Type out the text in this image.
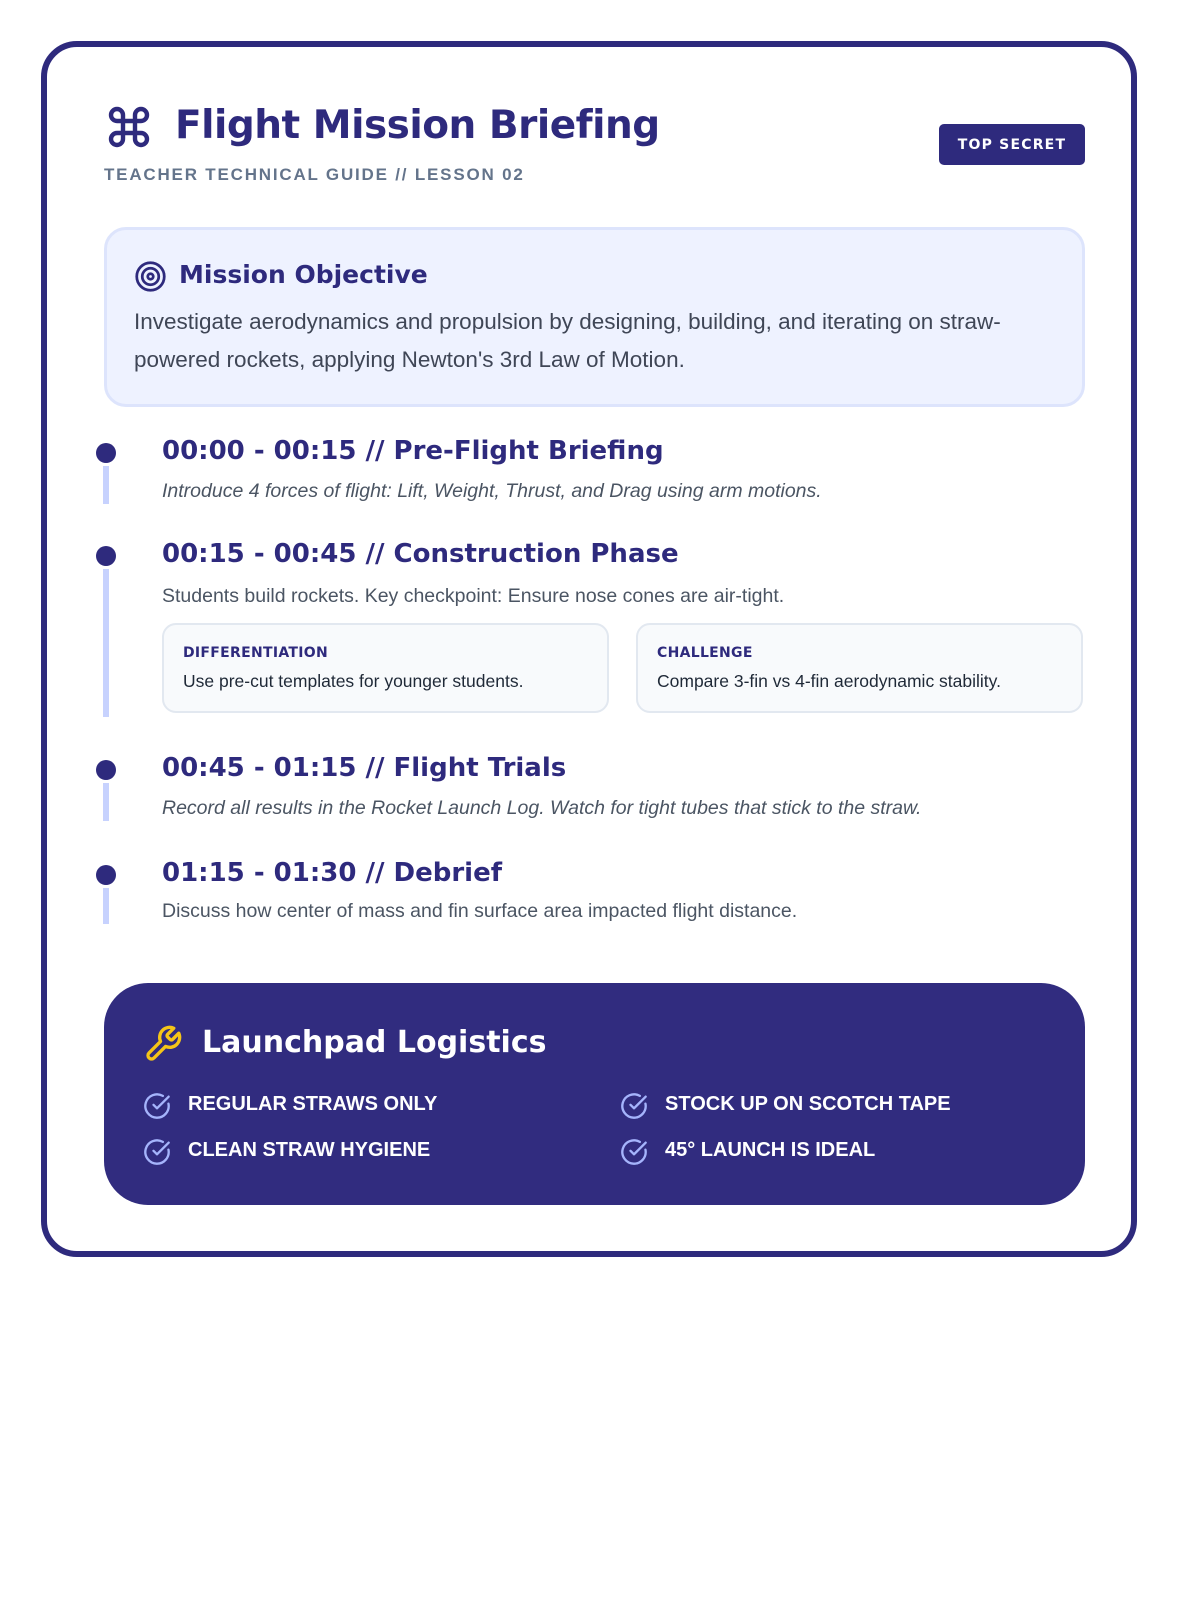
Flight Mission Briefing
TEACHER TECHNICAL GUIDE // LESSON 02
TOP SECRET
Mission Objective
Investigate aerodynamics and propulsion by designing, building, and iterating on straw-powered rockets, applying Newton's 3rd Law of Motion.
00:00 - 00:15 // Pre-Flight Briefing
Introduce 4 forces of flight: Lift, Weight, Thrust, and Drag using arm motions.
00:15 - 00:45 // Construction Phase
Students build rockets. Key checkpoint: Ensure nose cones are air-tight.
DIFFERENTIATION
Use pre-cut templates for younger students.
CHALLENGE
Compare 3-fin vs 4-fin aerodynamic stability.
00:45 - 01:15 // Flight Trials
Record all results in the Rocket Launch Log. Watch for tight tubes that stick to the straw.
01:15 - 01:30 // Debrief
Discuss how center of mass and fin surface area impacted flight distance.
Launchpad Logistics
REGULAR STRAWS ONLY	STOCK UP ON SCOTCH TAPE
CLEAN STRAW HYGIENE	45° LAUNCH IS IDEAL
